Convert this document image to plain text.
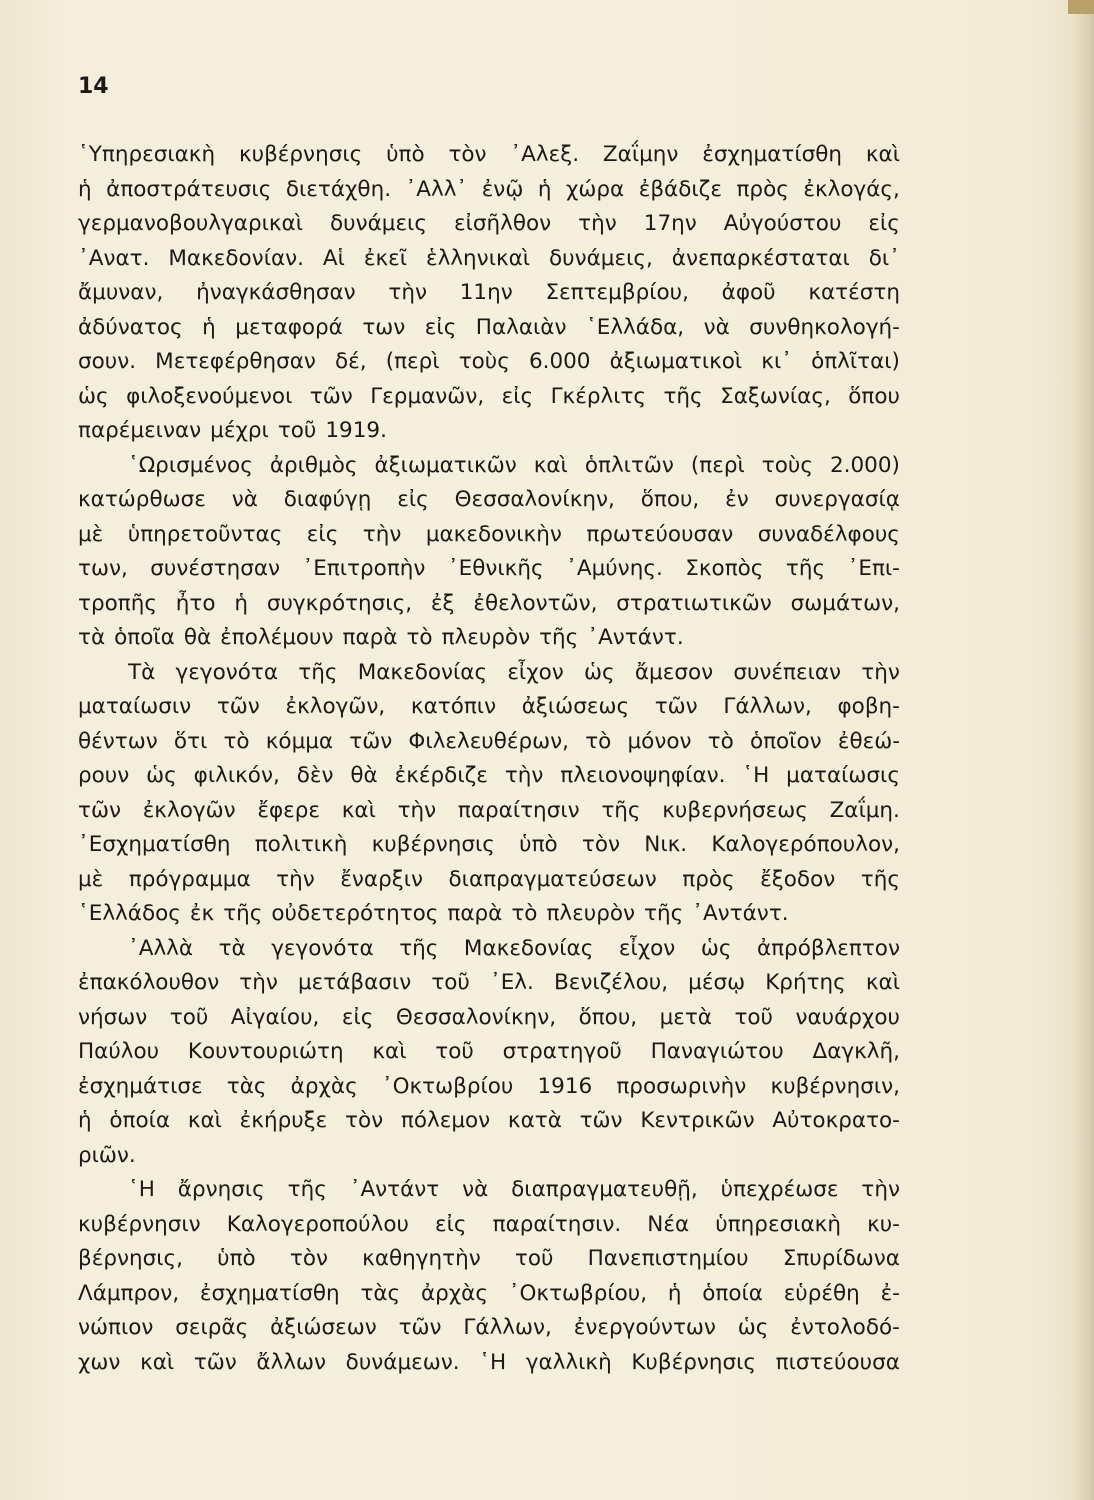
14
῾Υπηρεσιακὴ κυβέρνησις ὑπὸ τὸν ᾿Αλεξ. Ζαΐμην ἐσχηματίσθη καὶ
ἡ ἀποστράτευσις διετάχθη. ᾿Αλλ᾿ ἐνῷ ἡ χώρα ἐβάδιζε πρὸς ἐκλογάς,
γερμανοβουλγαρικαὶ δυνάμεις εἰσῆλθον τὴν 17ην Αὐγούστου εἰς
᾿Ανατ. Μακεδονίαν. Αἱ ἐκεῖ ἑλληνικαὶ δυνάμεις, ἀνεπαρκέσταται δι᾿
ἄμυναν, ἠναγκάσθησαν τὴν 11ην Σεπτεμβρίου, ἀφοῦ κατέστη
ἀδύνατος ἡ μεταφορά των εἰς Παλαιὰν ῾Ελλάδα, νὰ συνθηκολογή-
σουν. Μετεφέρθησαν δέ, (περὶ τοὺς 6.000 ἀξιωματικοὶ κι᾿ ὁπλῖται)
ὡς φιλοξενούμενοι τῶν Γερμανῶν, εἰς Γκέρλιτς τῆς Σαξωνίας, ὅπου
παρέμειναν μέχρι τοῦ 1919.
῾Ωρισμένος ἀριθμὸς ἀξιωματικῶν καὶ ὁπλιτῶν (περὶ τοὺς 2.000)
κατώρθωσε νὰ διαφύγῃ εἰς Θεσσαλονίκην, ὅπου, ἐν συνεργασίᾳ
μὲ ὑπηρετοῦντας εἰς τὴν μακεδονικὴν πρωτεύουσαν συναδέλφους
των, συνέστησαν ᾿Επιτροπὴν ᾿Εθνικῆς ᾿Αμύνης. Σκοπὸς τῆς ᾿Επι-
τροπῆς ἦτο ἡ συγκρότησις, ἐξ ἐθελοντῶν, στρατιωτικῶν σωμάτων,
τὰ ὁποῖα θὰ ἐπολέμουν παρὰ τὸ πλευρὸν τῆς ᾿Αντάντ.
Τὰ γεγονότα τῆς Μακεδονίας εἶχον ὡς ἄμεσον συνέπειαν τὴν
ματαίωσιν τῶν ἐκλογῶν, κατόπιν ἀξιώσεως τῶν Γάλλων, φοβη-
θέντων ὅτι τὸ κόμμα τῶν Φιλελευθέρων, τὸ μόνον τὸ ὁποῖον ἐθεώ-
ρουν ὡς φιλικόν, δὲν θὰ ἐκέρδιζε τὴν πλειονοψηφίαν. ῾Η ματαίωσις
τῶν ἐκλογῶν ἔφερε καὶ τὴν παραίτησιν τῆς κυβερνήσεως Ζαΐμη.
᾿Εσχηματίσθη πολιτικὴ κυβέρνησις ὑπὸ τὸν Νικ. Καλογερόπουλον,
μὲ πρόγραμμα τὴν ἔναρξιν διαπραγματεύσεων πρὸς ἔξοδον τῆς
῾Ελλάδος ἐκ τῆς οὐδετερότητος παρὰ τὸ πλευρὸν τῆς ᾿Αντάντ.
᾿Αλλὰ τὰ γεγονότα τῆς Μακεδονίας εἶχον ὡς ἀπρόβλεπτον
ἐπακόλουθον τὴν μετάβασιν τοῦ ᾿Ελ. Βενιζέλου, μέσῳ Κρήτης καὶ
νήσων τοῦ Αἰγαίου, εἰς Θεσσαλονίκην, ὅπου, μετὰ τοῦ ναυάρχου
Παύλου Κουντουριώτη καὶ τοῦ στρατηγοῦ Παναγιώτου Δαγκλῆ,
ἐσχημάτισε τὰς ἀρχὰς ᾿Οκτωβρίου 1916 προσωρινὴν κυβέρνησιν,
ἡ ὁποία καὶ ἐκήρυξε τὸν πόλεμον κατὰ τῶν Κεντρικῶν Αὐτοκρατο-
ριῶν.
῾Η ἄρνησις τῆς ᾿Αντάντ νὰ διαπραγματευθῇ, ὑπεχρέωσε τὴν
κυβέρνησιν Καλογεροπούλου εἰς παραίτησιν. Νέα ὑπηρεσιακὴ κυ-
βέρνησις, ὑπὸ τὸν καθηγητὴν τοῦ Πανεπιστημίου Σπυρίδωνα
Λάμπρον, ἐσχηματίσθη τὰς ἀρχὰς ᾿Οκτωβρίου, ἡ ὁποία εὑρέθη ἐ-
νώπιον σειρᾶς ἀξιώσεων τῶν Γάλλων, ἐνεργούντων ὡς ἐντολοδό-
χων καὶ τῶν ἄλλων δυνάμεων. ῾Η γαλλικὴ Κυβέρνησις πιστεύουσα
